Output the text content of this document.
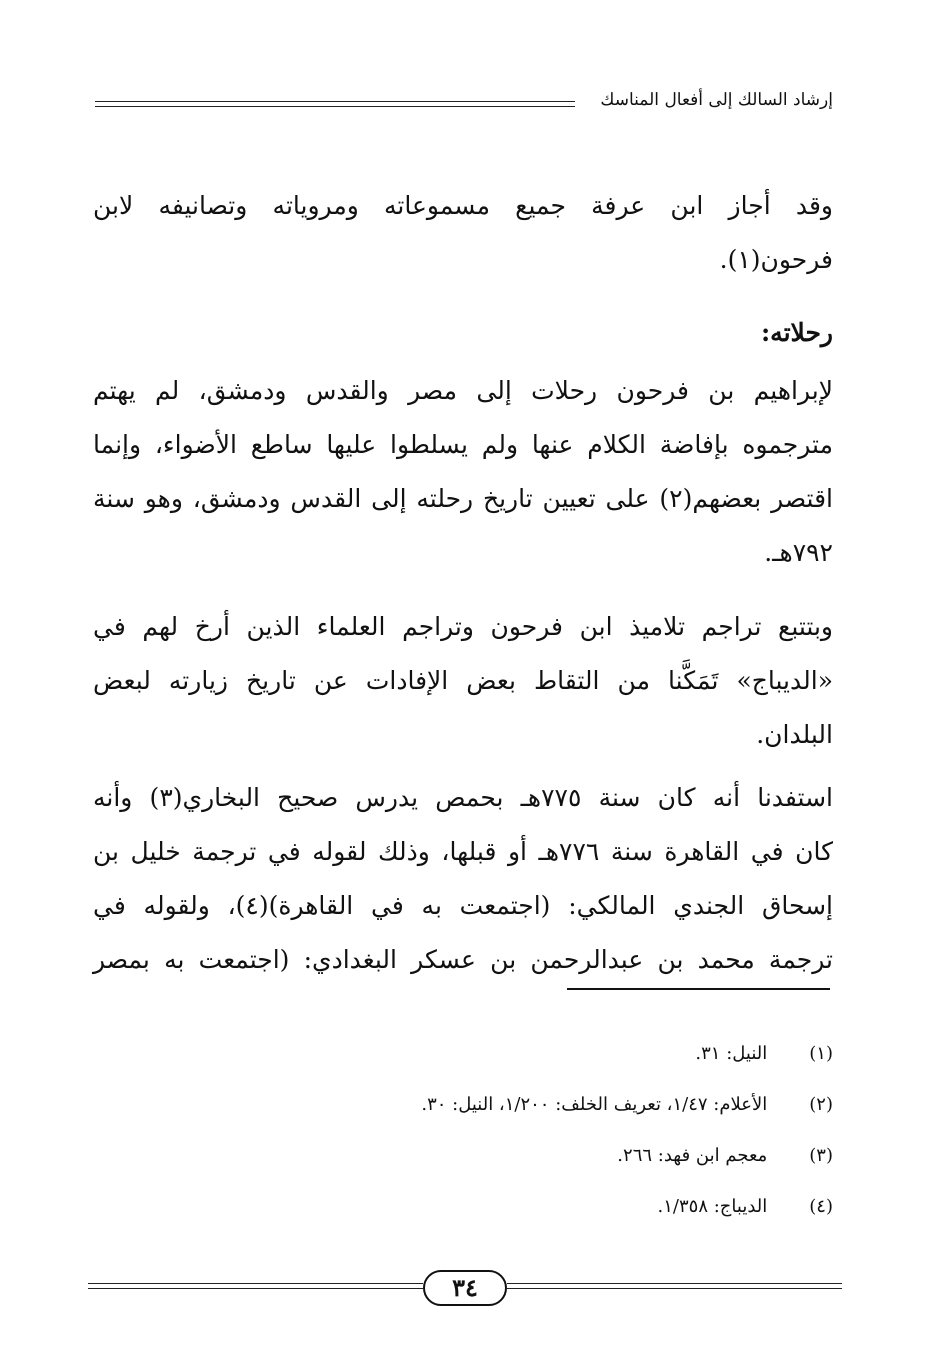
إرشاد السالك إلى أفعال المناسك
وقد أجاز ابن عرفة جميع مسموعاته ومروياته وتصانيفه لابن
فرحون(١).
رحلاته:
لإبراهيم بن فرحون رحلات إلى مصر والقدس ودمشق، لم يهتم
مترجموه بإفاضة الكلام عنها ولم يسلطوا عليها ساطع الأضواء، وإنما
اقتصر بعضهم(٢) على تعيين تاريخ رحلته إلى القدس ودمشق، وهو سنة
٧٩٢هـ.
وبتتبع تراجم تلاميذ ابن فرحون وتراجم العلماء الذين أرخ لهم في
«الديباج» تَمَكَّنا من التقاط بعض الإفادات عن تاريخ زيارته لبعض
البلدان.
استفدنا أنه كان سنة ٧٧٥هـ بحمص يدرس صحيح البخاري(٣) وأنه
كان في القاهرة سنة ٧٧٦هـ أو قبلها، وذلك لقوله في ترجمة خليل بن
إسحاق الجندي المالكي: (اجتمعت به في القاهرة)(٤)، ولقوله في
ترجمة محمد بن عبدالرحمن بن عسكر البغدادي: (اجتمعت به بمصر
(١) النيل: ٣١.
(٢) الأعلام: ١/٤٧، تعريف الخلف: ١/٢٠٠، النيل: ٣٠.
(٣) معجم ابن فهد: ٢٦٦.
(٤) الديباج: ١/٣٥٨.
٣٤
